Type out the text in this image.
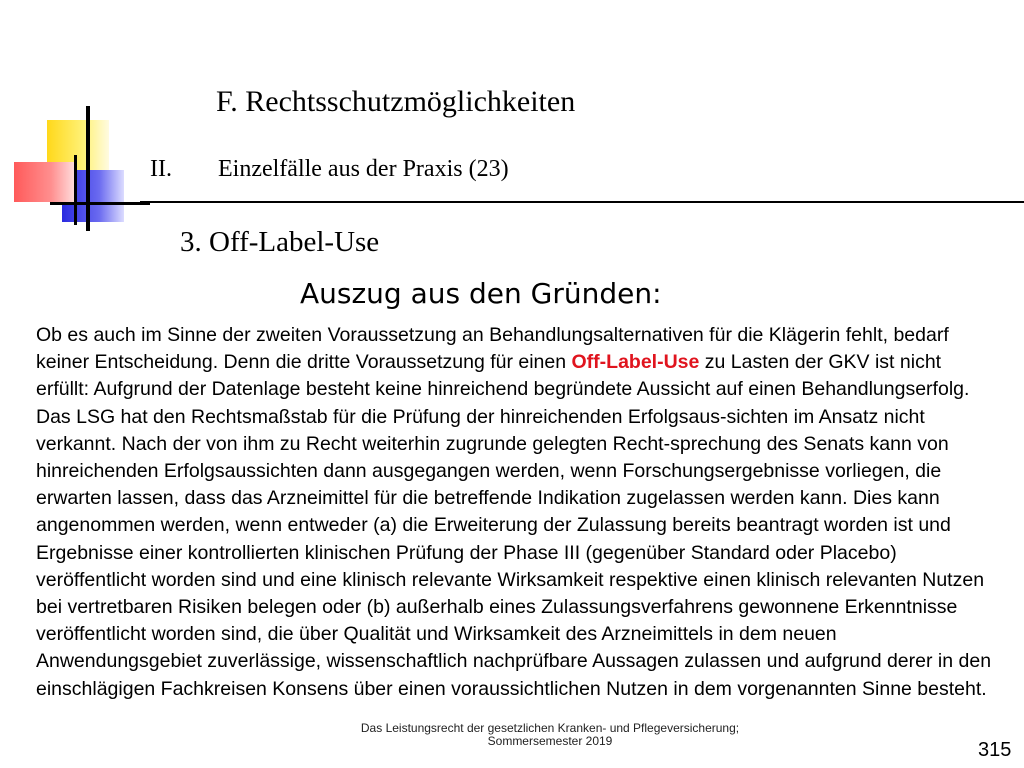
F. Rechtsschutzmöglichkeiten
II. Einzelfälle aus der Praxis (23)
3. Off-Label-Use
Auszug aus den Gründen:

Ob es auch im Sinne der zweiten Voraussetzung an Behandlungsalternativen für die Klägerin fehlt, bedarf keiner Entscheidung. Denn die dritte Voraussetzung für einen Off-Label-Use zu Lasten der GKV ist nicht erfüllt: Aufgrund der Datenlage besteht keine hinreichend begründete Aussicht auf einen Behandlungserfolg. Das LSG hat den Rechtsmaßstab für die Prüfung der hinreichenden Erfolgsaus-sichten im Ansatz nicht verkannt. Nach der von ihm zu Recht weiterhin zugrunde gelegten Recht-sprechung des Senats kann von hinreichenden Erfolgsaussichten dann ausgegangen werden, wenn Forschungsergebnisse vorliegen, die erwarten lassen, dass das Arzneimittel für die betreffende Indikation zugelassen werden kann. Dies kann angenommen werden, wenn entweder (a) die Erweiterung der Zulassung bereits beantragt worden ist und Ergebnisse einer kontrollierten klinischen Prüfung der Phase III (gegenüber Standard oder Placebo) veröffentlicht worden sind und eine klinisch relevante Wirksamkeit respektive einen klinisch relevanten Nutzen bei vertretbaren Risiken belegen oder (b) außerhalb eines Zulassungsverfahrens gewonnene Erkenntnisse veröffentlicht worden sind, die über Qualität und Wirksamkeit des Arzneimittels in dem neuen Anwendungsgebiet zuverlässige, wissenschaftlich nachprüfbare Aussagen zulassen und aufgrund derer in den einschlägigen Fachkreisen Konsens über einen voraussichtlichen Nutzen in dem vorgenannten Sinne besteht.

Das Leistungsrecht der gesetzlichen Kranken- und Pflegeversicherung;
Sommersemester 2019	315
